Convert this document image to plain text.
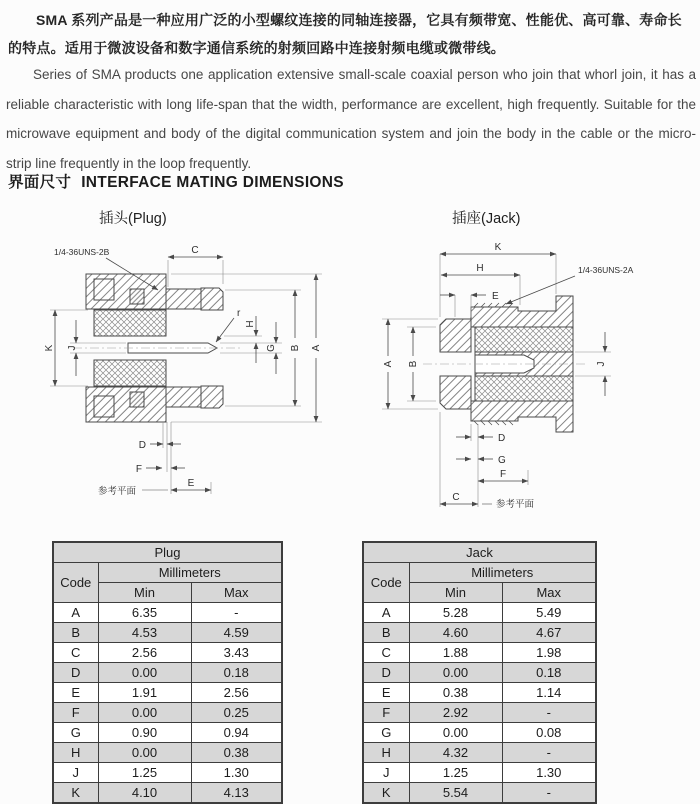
SMA 系列产品是一种应用广泛的小型螺纹连接的同轴连接器，它具有频带宽、性能优、高可靠、寿命长的特点。适用于微波设备和数字通信系统的射频回路中连接射频电缆或微带线。

Series of SMA products one application extensive small-scale coaxial person who join that whorl join, it has a reliable characteristic with long life-span that the width, performance are excellent, high frequently. Suitable for the microwave equipment and body of the digital communication system and join the body in the cable or the micro-strip line frequently in the loop frequently.

界面尺寸 INTERFACE MATING DIMENSIONS
插头(Plug)	插座(Jack)
1/4-36UNS-2B	C
K J	A
B
G
H
r
D
F
E
参考平面
K
H
E
1/4-36UNS-2A
A B	J
D
G
F
C
参考平面
Plug		
Code	Millimeters	
	Min	Max
A	6.35	-
B	4.53	4.59
C	2.56	3.43
D	0.00	0.18
E	1.91	2.56
F	0.00	0.25
G	0.90	0.94
H	0.00	0.38
J	1.25	1.30
K	4.10	4.13
Jack		
Code	Millimeters	
	Min	Max
A	5.28	5.49
B	4.60	4.67
C	1.88	1.98
D	0.00	0.18
E	0.38	1.14
F	2.92	-
G	0.00	0.08
H	4.32	-
J	1.25	1.30
K	5.54	-
